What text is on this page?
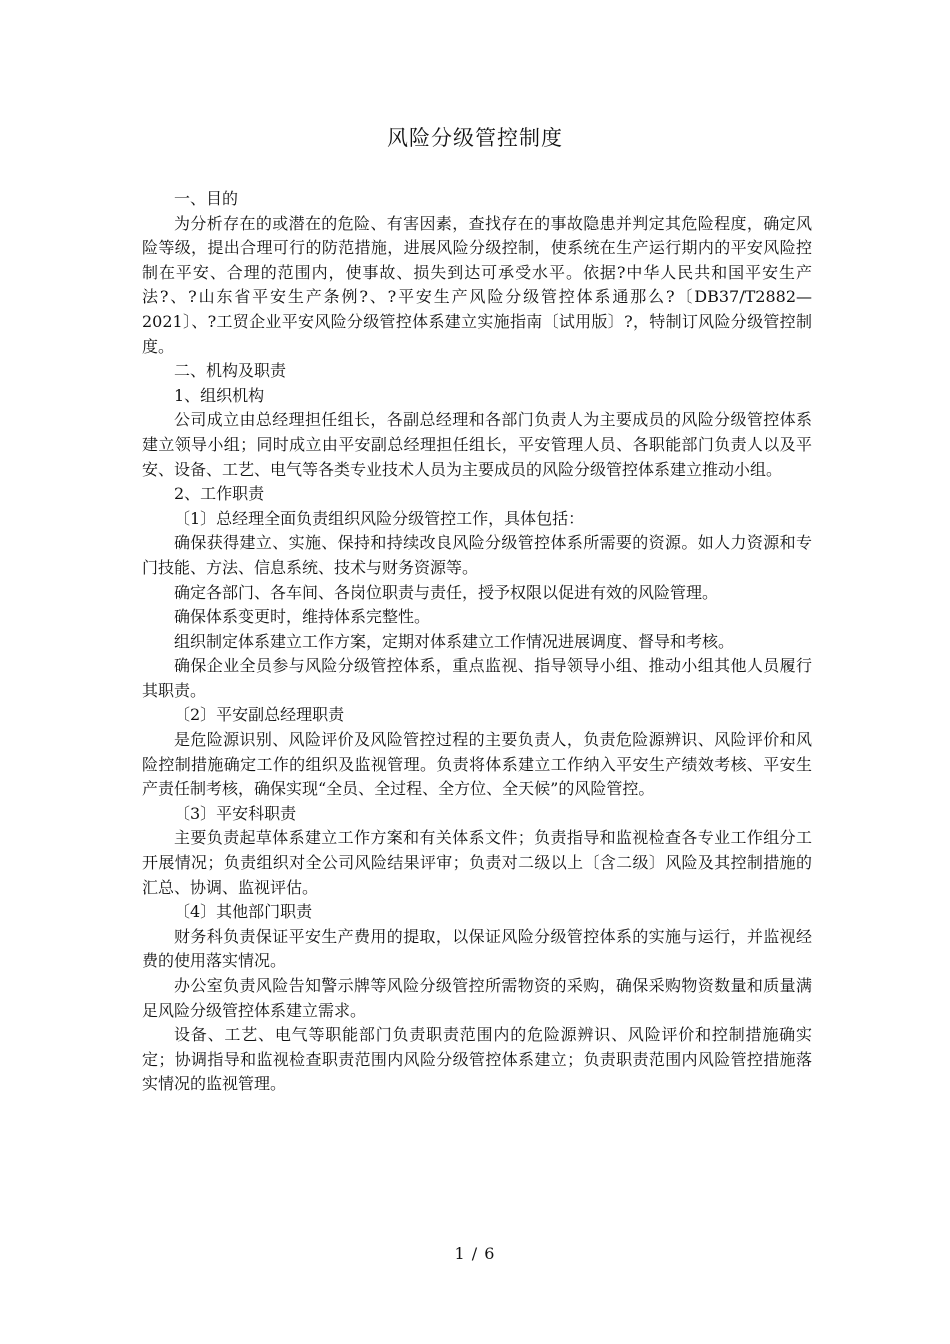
风险分级管控制度

一、目的

为分析存在的或潜在的危险、有害因素，查找存在的事故隐患并判定其危险程度，确定风险等级，提出合理可行的防范措施，进展风险分级控制，使系统在生产运行期内的平安风险控制在平安、合理的范围内，使事故、损失到达可承受水平。依据?中华人民共和国平安生产法?、?山东省平安生产条例?、?平安生产风险分级管控体系通那么?〔DB37/T2882—2021〕、?工贸企业平安风险分级管控体系建立实施指南〔试用版〕?，特制订风险分级管控制度。

二、机构及职责

1、组织机构

公司成立由总经理担任组长，各副总经理和各部门负责人为主要成员的风险分级管控体系建立领导小组；同时成立由平安副总经理担任组长，平安管理人员、各职能部门负责人以及平安、设备、工艺、电气等各类专业技术人员为主要成员的风险分级管控体系建立推动小组。

2、工作职责

〔1〕总经理全面负责组织风险分级管控工作，具体包括：

确保获得建立、实施、保持和持续改良风险分级管控体系所需要的资源。如人力资源和专门技能、方法、信息系统、技术与财务资源等。

确定各部门、各车间、各岗位职责与责任，授予权限以促进有效的风险管理。

确保体系变更时，维持体系完整性。

组织制定体系建立工作方案，定期对体系建立工作情况进展调度、督导和考核。

确保企业全员参与风险分级管控体系，重点监视、指导领导小组、推动小组其他人员履行其职责。

〔2〕平安副总经理职责

是危险源识别、风险评价及风险管控过程的主要负责人，负责危险源辨识、风险评价和风险控制措施确定工作的组织及监视管理。负责将体系建立工作纳入平安生产绩效考核、平安生产责任制考核，确保实现“全员、全过程、全方位、全天候”的风险管控。

〔3〕平安科职责

主要负责起草体系建立工作方案和有关体系文件；负责指导和监视检查各专业工作组分工开展情况；负责组织对全公司风险结果评审；负责对二级以上〔含二级〕风险及其控制措施的汇总、协调、监视评估。

〔4〕其他部门职责

财务科负责保证平安生产费用的提取，以保证风险分级管控体系的实施与运行，并监视经费的使用落实情况。

办公室负责风险告知警示牌等风险分级管控所需物资的采购，确保采购物资数量和质量满足风险分级管控体系建立需求。

设备、工艺、电气等职能部门负责职责范围内的危险源辨识、风险评价和控制措施确实定；协调指导和监视检查职责范围内风险分级管控体系建立；负责职责范围内风险管控措施落实情况的监视管理。

1 / 6
